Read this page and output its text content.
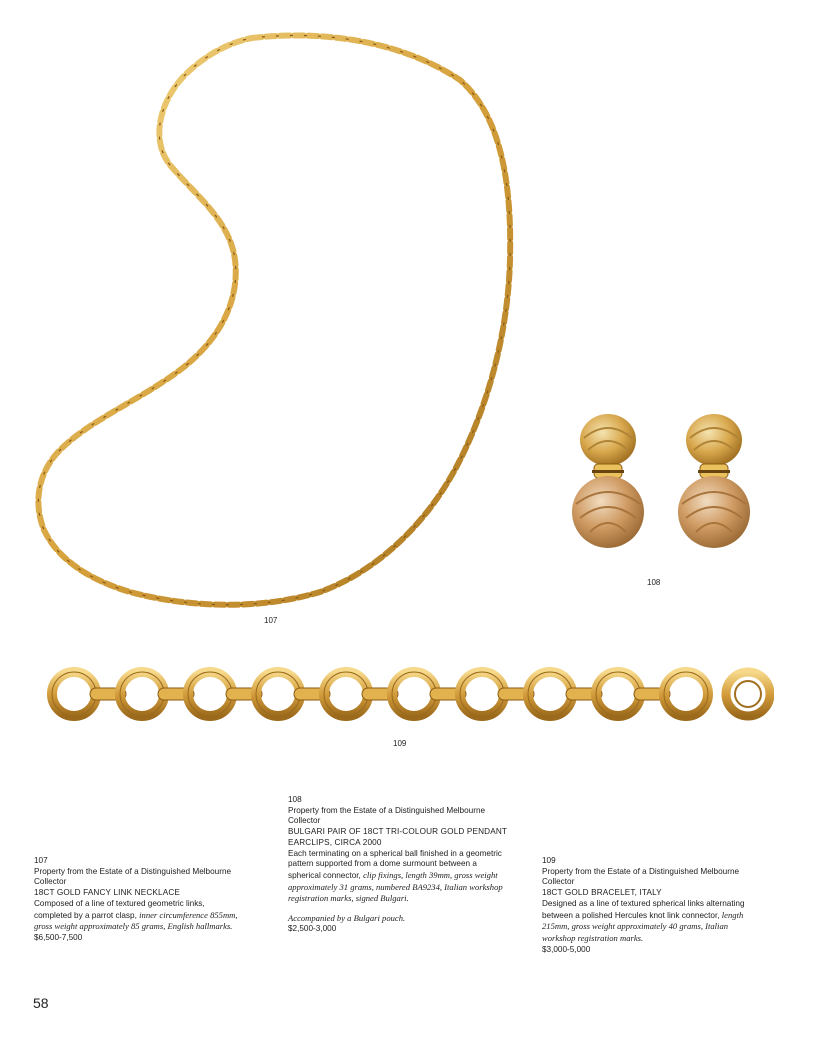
107
108
109
107
Property from the Estate of a Distinguished Melbourne Collector
18CT GOLD FANCY LINK NECKLACE
Composed of a line of textured geometric links, completed by a parrot clasp, inner circumference 855mm, gross weight approximately 85 grams, English hallmarks.
$6,500-7,500
108
Property from the Estate of a Distinguished Melbourne Collector
BULGARI PAIR OF 18CT TRI-COLOUR GOLD PENDANT EARCLIPS, CIRCA 2000
Each terminating on a spherical ball finished in a geometric pattern supported from a dome surmount between a spherical connector, clip fixings, length 39mm, gross weight approximately 31 grams, numbered BA9234, Italian workshop registration marks, signed Bulgari.
Accompanied by a Bulgari pouch.
$2,500-3,000
109
Property from the Estate of a Distinguished Melbourne Collector
18CT GOLD BRACELET, ITALY
Designed as a line of textured spherical links alternating between a polished Hercules knot link connector, length 215mm, gross weight approximately 40 grams, Italian workshop registration marks.
$3,000-5,000
58
